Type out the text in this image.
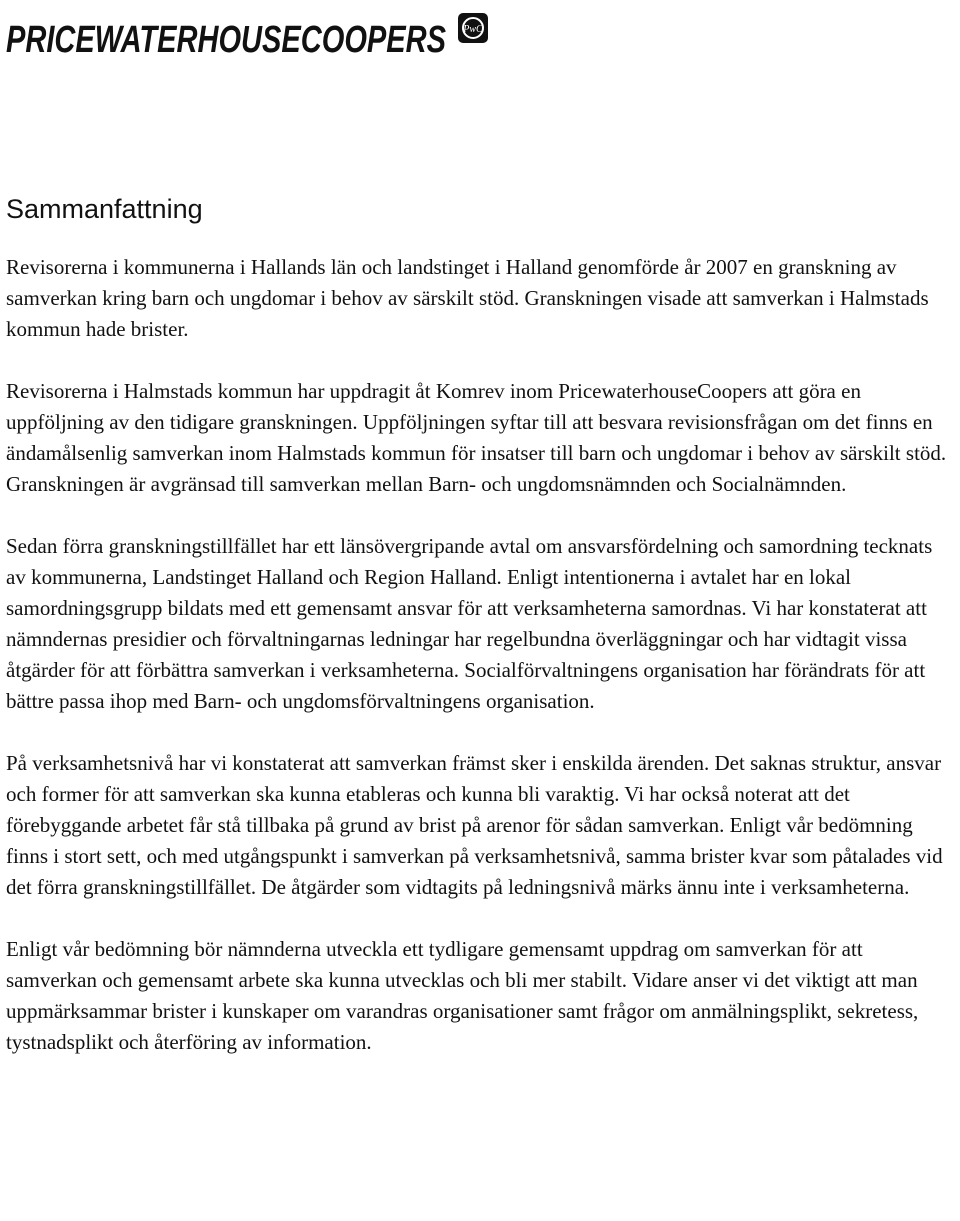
PRICEWATERHOUSECOOPERS PwC
Sammanfattning

Revisorerna i kommunerna i Hallands län och landstinget i Halland genomförde år 2007 en granskning av samverkan kring barn och ungdomar i behov av särskilt stöd. Granskningen visade att samverkan i Halmstads kommun hade brister.

Revisorerna i Halmstads kommun har uppdragit åt Komrev inom PricewaterhouseCoopers att göra en uppföljning av den tidigare granskningen. Uppföljningen syftar till att besvara revisionsfrågan om det finns en ändamålsenlig samverkan inom Halmstads kommun för insatser till barn och ungdomar i behov av särskilt stöd. Granskningen är avgränsad till samverkan mellan Barn- och ungdomsnämnden och Socialnämnden.

Sedan förra granskningstillfället har ett länsövergripande avtal om ansvarsfördelning och samordning tecknats av kommunerna, Landstinget Halland och Region Halland. Enligt intentionerna i avtalet har en lokal samordningsgrupp bildats med ett gemensamt ansvar för att verksamheterna samordnas. Vi har konstaterat att nämndernas presidier och förvaltningarnas ledningar har regelbundna överläggningar och har vidtagit vissa åtgärder för att förbättra samverkan i verksamheterna. Socialförvaltningens organisation har förändrats för att bättre passa ihop med Barn- och ungdomsförvaltningens organisation.

På verksamhetsnivå har vi konstaterat att samverkan främst sker i enskilda ärenden. Det saknas struktur, ansvar och former för att samverkan ska kunna etableras och kunna bli varaktig. Vi har också noterat att det förebyggande arbetet får stå tillbaka på grund av brist på arenor för sådan samverkan. Enligt vår bedömning finns i stort sett, och med utgångspunkt i samverkan på verksamhetsnivå, samma brister kvar som påtalades vid det förra granskningstillfället. De åtgärder som vidtagits på ledningsnivå märks ännu inte i verksamheterna.

Enligt vår bedömning bör nämnderna utveckla ett tydligare gemensamt uppdrag om samverkan för att samverkan och gemensamt arbete ska kunna utvecklas och bli mer stabilt. Vidare anser vi det viktigt att man uppmärksammar brister i kunskaper om varandras organisationer samt frågor om anmälningsplikt, sekretess, tystnadsplikt och återföring av information.
